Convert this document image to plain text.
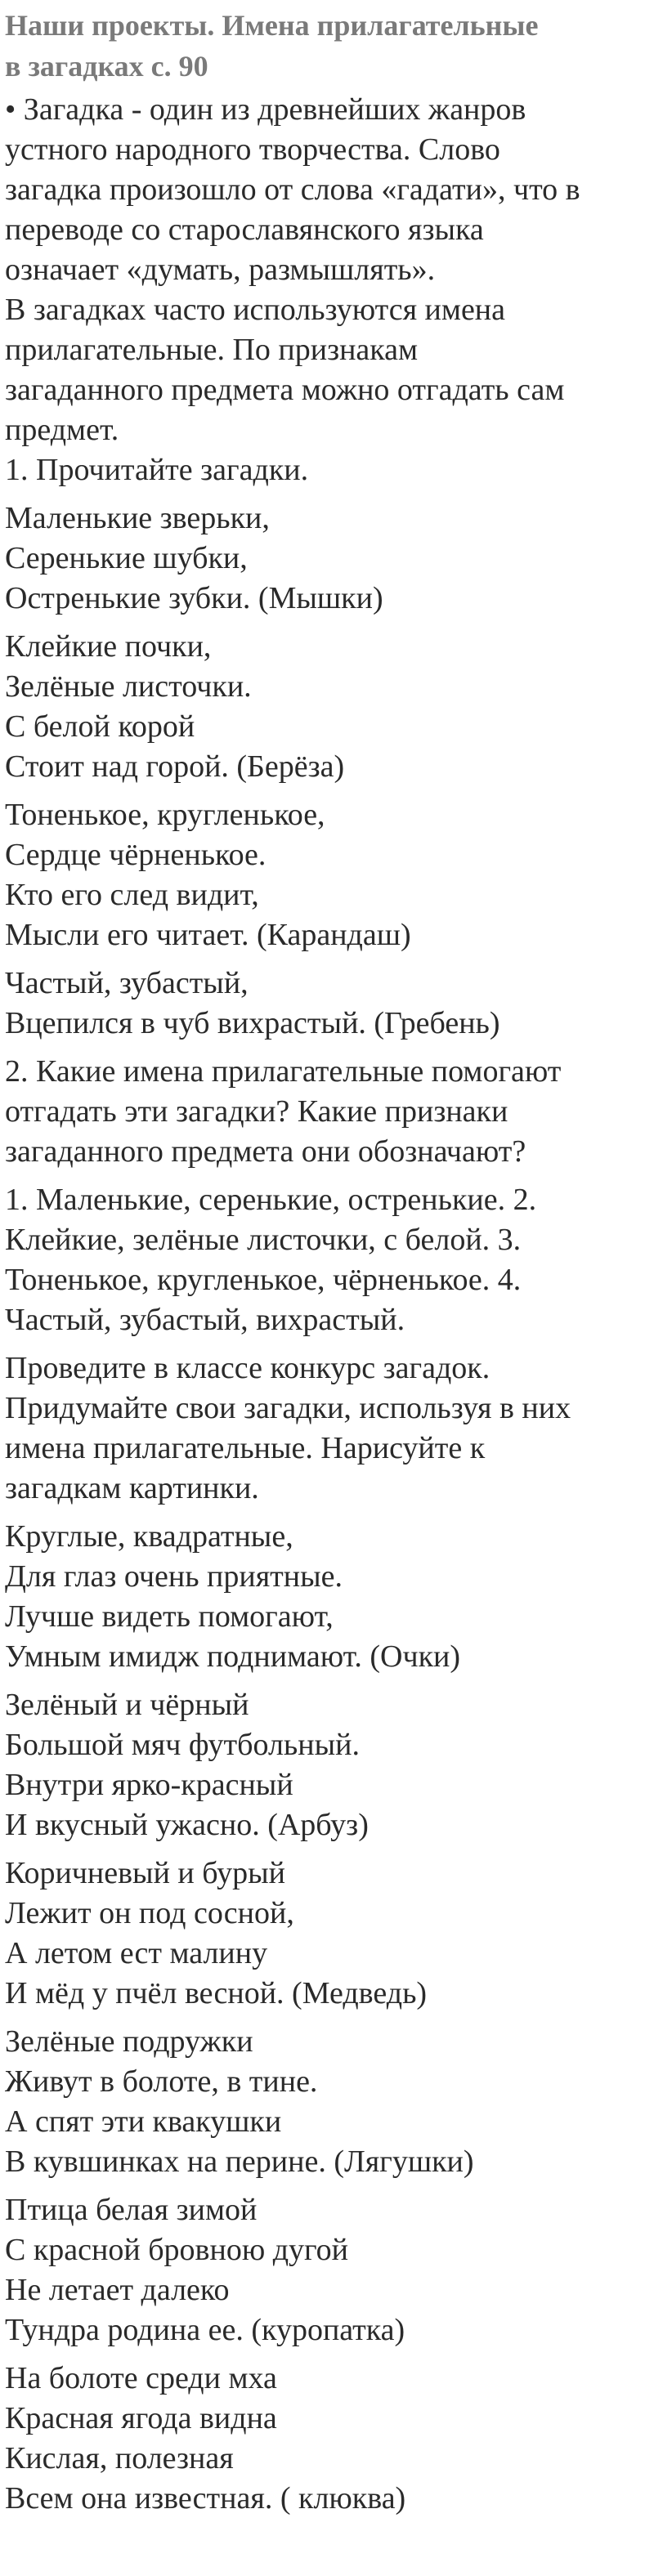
Наши проекты. Имена прилагательные
в загадках с. 90
• Загадка - один из древнейших жанров
устного народного творчества. Слово
загадка произошло от слова «гадати», что в
переводе со старославянского языка
означает «думать, размышлять».
В загадках часто используются имена
прилагательные. По признакам
загаданного предмета можно отгадать сам
предмет.
1. Прочитайте загадки.
Маленькие зверьки,
Серенькие шубки,
Остренькие зубки. (Мышки)
Клейкие почки,
Зелёные листочки.
С белой корой
Стоит над горой. (Берёза)
Тоненькое, кругленькое,
Сердце чёрненькое.
Кто его след видит,
Мысли его читает. (Карандаш)
Частый, зубастый,
Вцепился в чуб вихрастый. (Гребень)
2. Какие имена прилагательные помогают
отгадать эти загадки? Какие признаки
загаданного предмета они обозначают?
1. Маленькие, серенькие, остренькие. 2.
Клейкие, зелёные листочки, с белой. 3.
Тоненькое, кругленькое, чёрненькое. 4.
Частый, зубастый, вихрастый.
Проведите в классе конкурс загадок.
Придумайте свои загадки, используя в них
имена прилагательные. Нарисуйте к
загадкам картинки.
Круглые, квадратные,
Для глаз очень приятные.
Лучше видеть помогают,
Умным имидж поднимают. (Очки)
Зелёный и чёрный
Большой мяч футбольный.
Внутри ярко-красный
И вкусный ужасно. (Арбуз)
Коричневый и бурый
Лежит он под сосной,
А летом ест малину
И мёд у пчёл весной. (Медведь)
Зелёные подружки
Живут в болоте, в тине.
А спят эти квакушки
В кувшинках на перине. (Лягушки)
Птица белая зимой
С красной бровною дугой
Не летает далеко
Тундра родина ее. (куропатка)
На болоте среди мха
Красная ягода видна
Кислая, полезная
Всем она известная. ( клюква)
